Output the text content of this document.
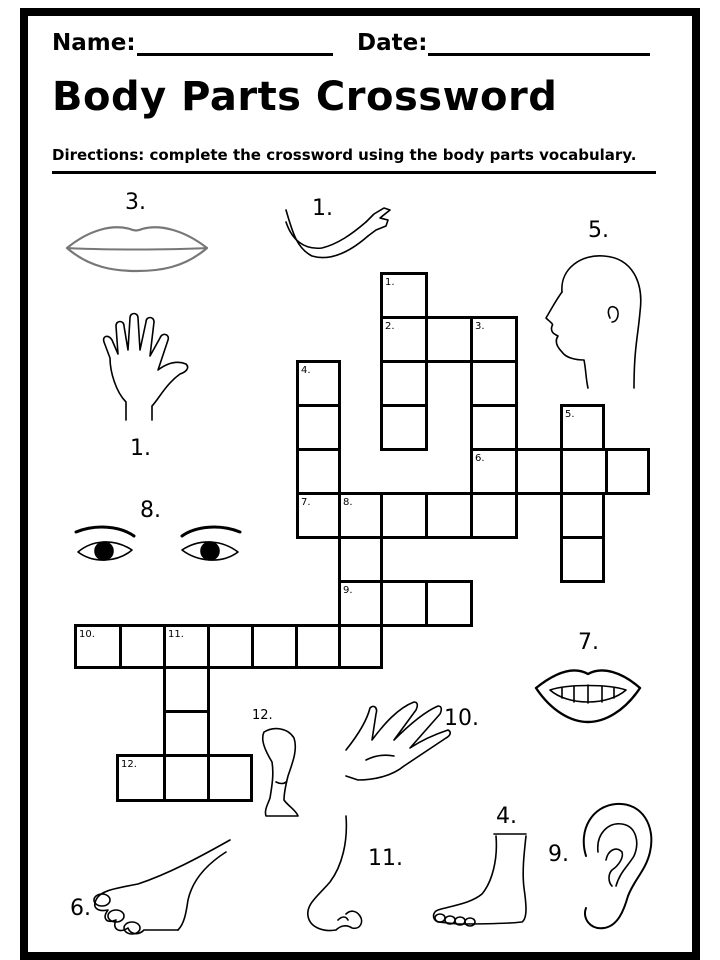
Name:	Date:
Body Parts Crossword
Directions: complete the crossword using the body parts vocabulary.
1.
2.	3.
6.
5.
4.
7.	8.
9.
10.	11.
12.
3.	1.
5.
1.
8.
7.
12.	10.
6.
11.
4.
9.
